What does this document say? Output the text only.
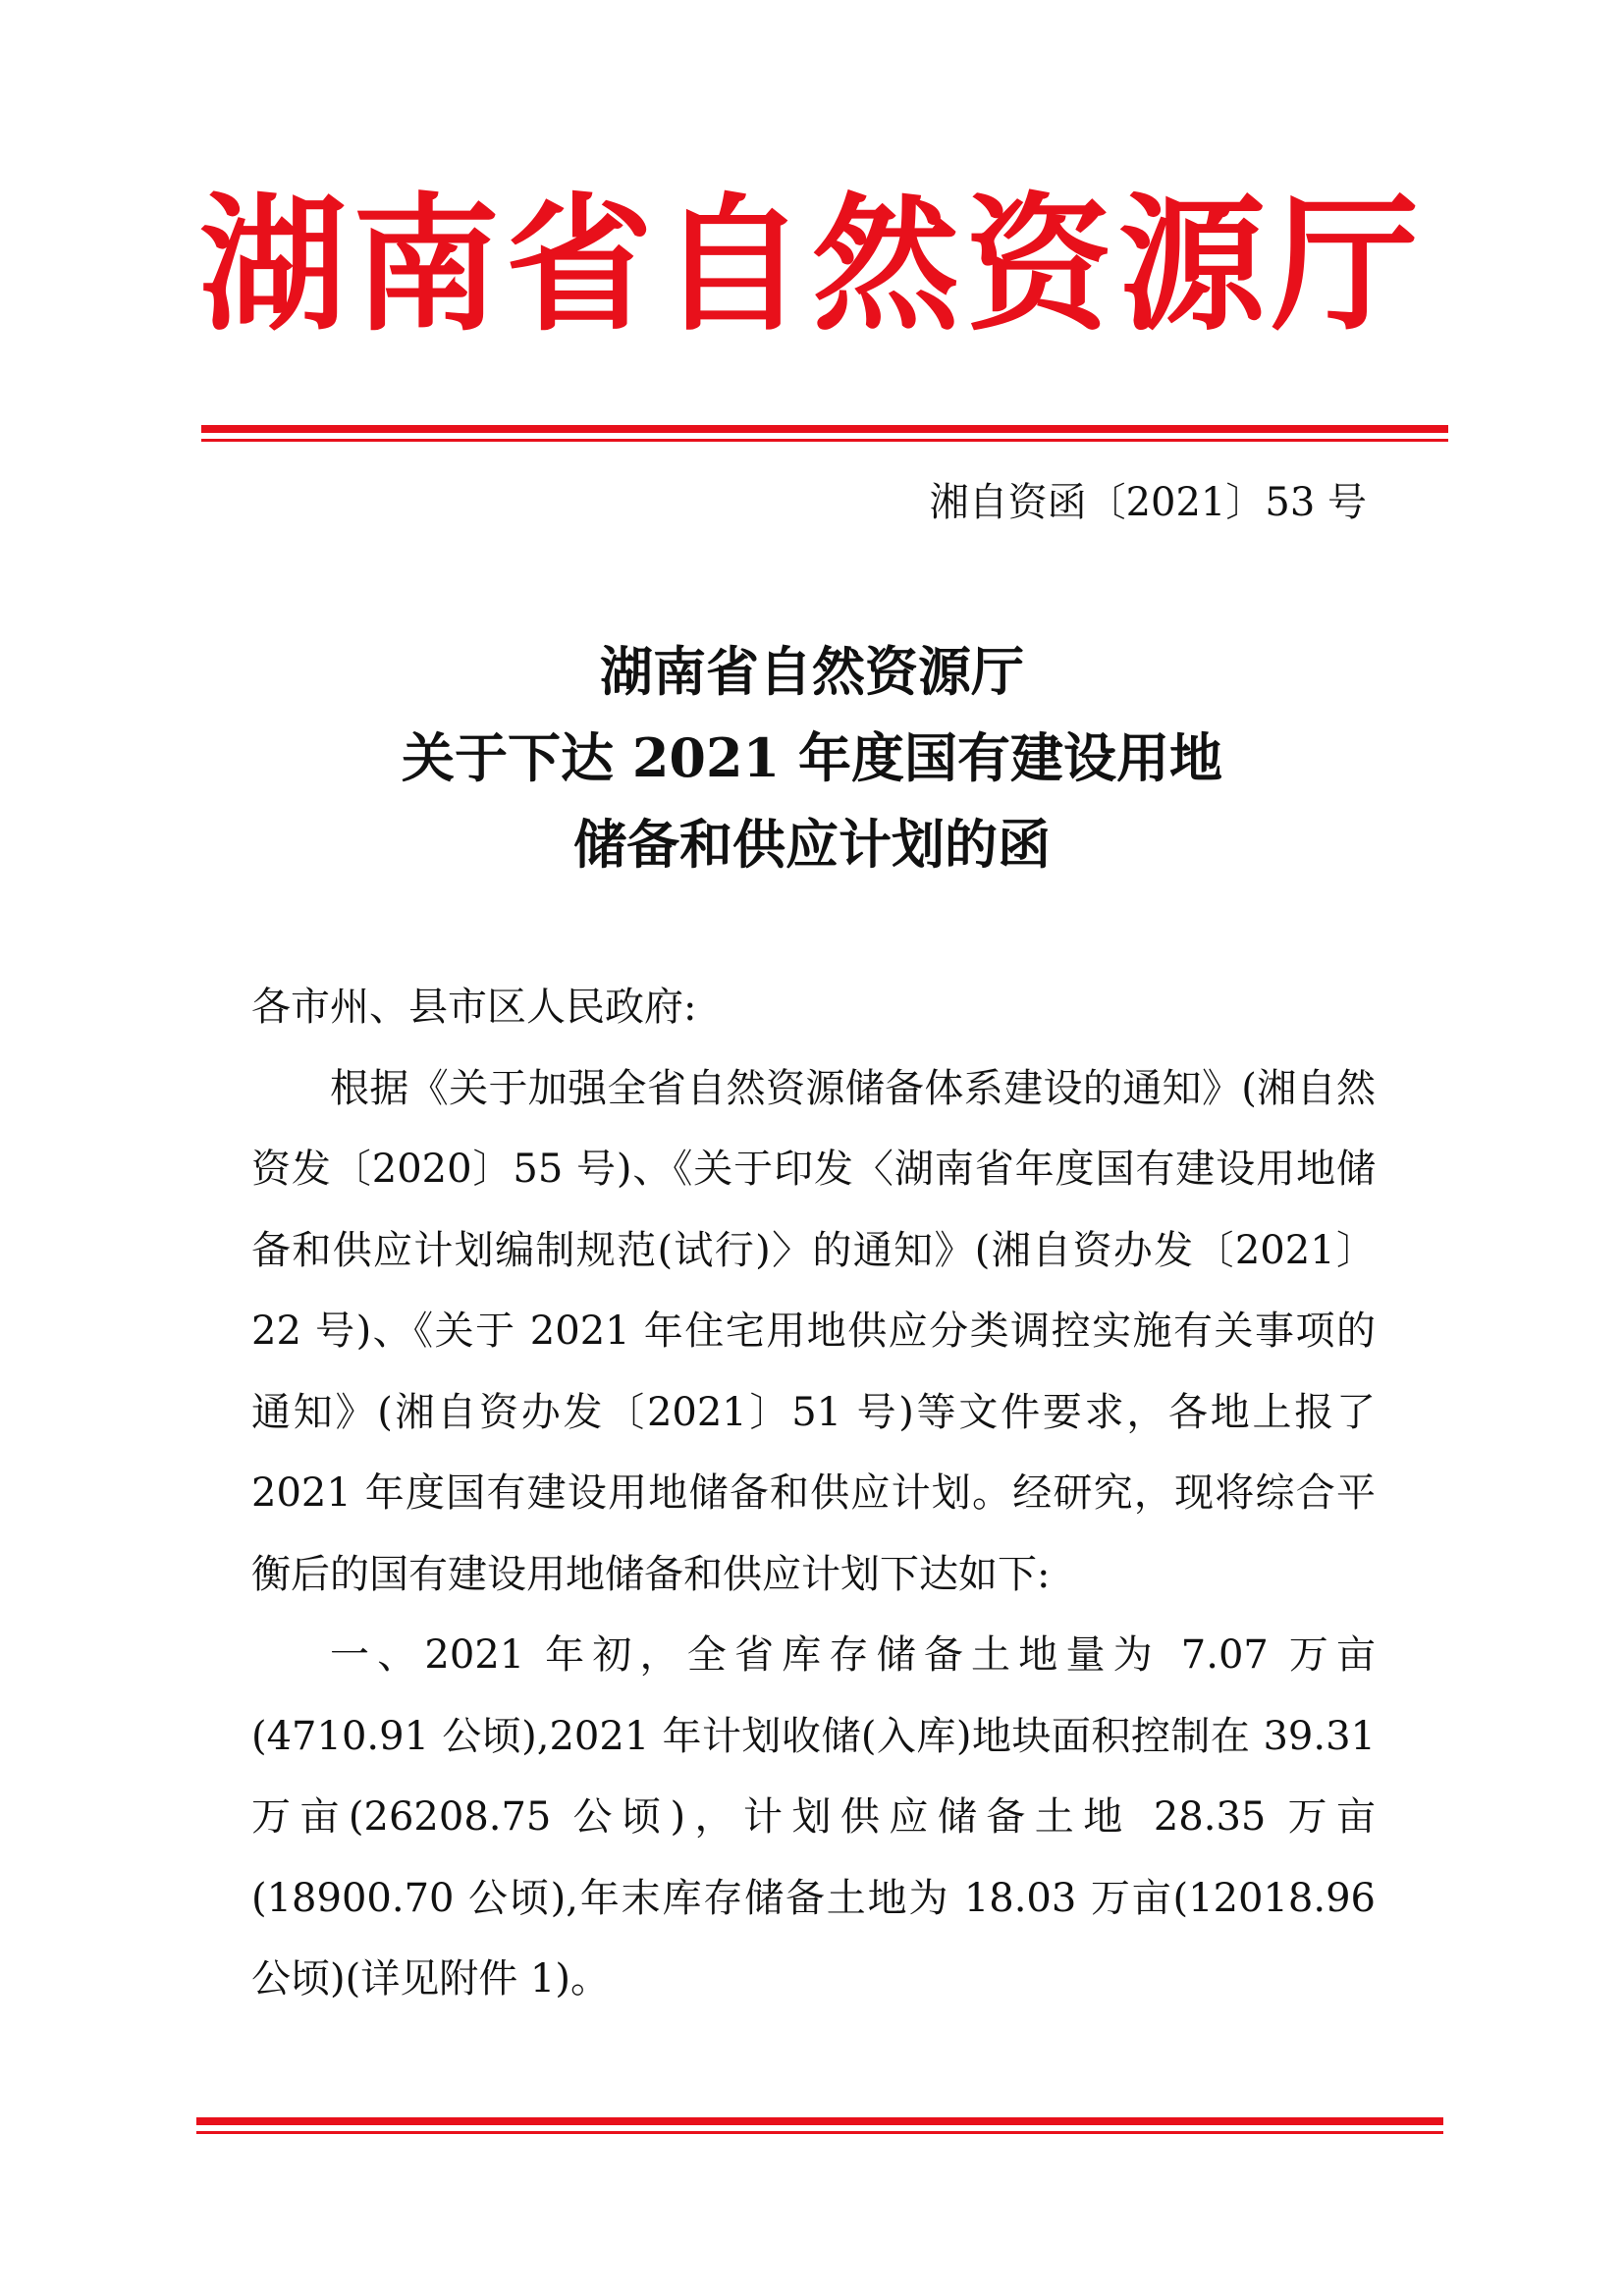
湖南省自然资源厅
湘自资函〔2021〕53 号
湖南省自然资源厅
关于下达 2021 年度国有建设用地
储备和供应计划的函

各市州、县市区人民政府:

根据《关于加强全省自然资源储备体系建设的通知》(湘自然资发〔2020〕55 号)、《关于印发〈湖南省年度国有建设用地储备和供应计划编制规范(试行)〉的通知》(湘自资办发〔2021〕22 号)、《关于 2021 年住宅用地供应分类调控实施有关事项的通知》(湘自资办发〔2021〕51 号)等文件要求，各地上报了 2021 年度国有建设用地储备和供应计划。经研究，现将综合平衡后的国有建设用地储备和供应计划下达如下:

一、2021 年初，全省库存储备土地量为 7.07 万亩(4710.91 公顷),2021 年计划收储(入库)地块面积控制在 39.31 万亩(26208.75 公顷)，计划供应储备土地 28.35 万亩(18900.70 公顷),年末库存储备土地为 18.03 万亩(12018.96 公顷)(详见附件 1)。
